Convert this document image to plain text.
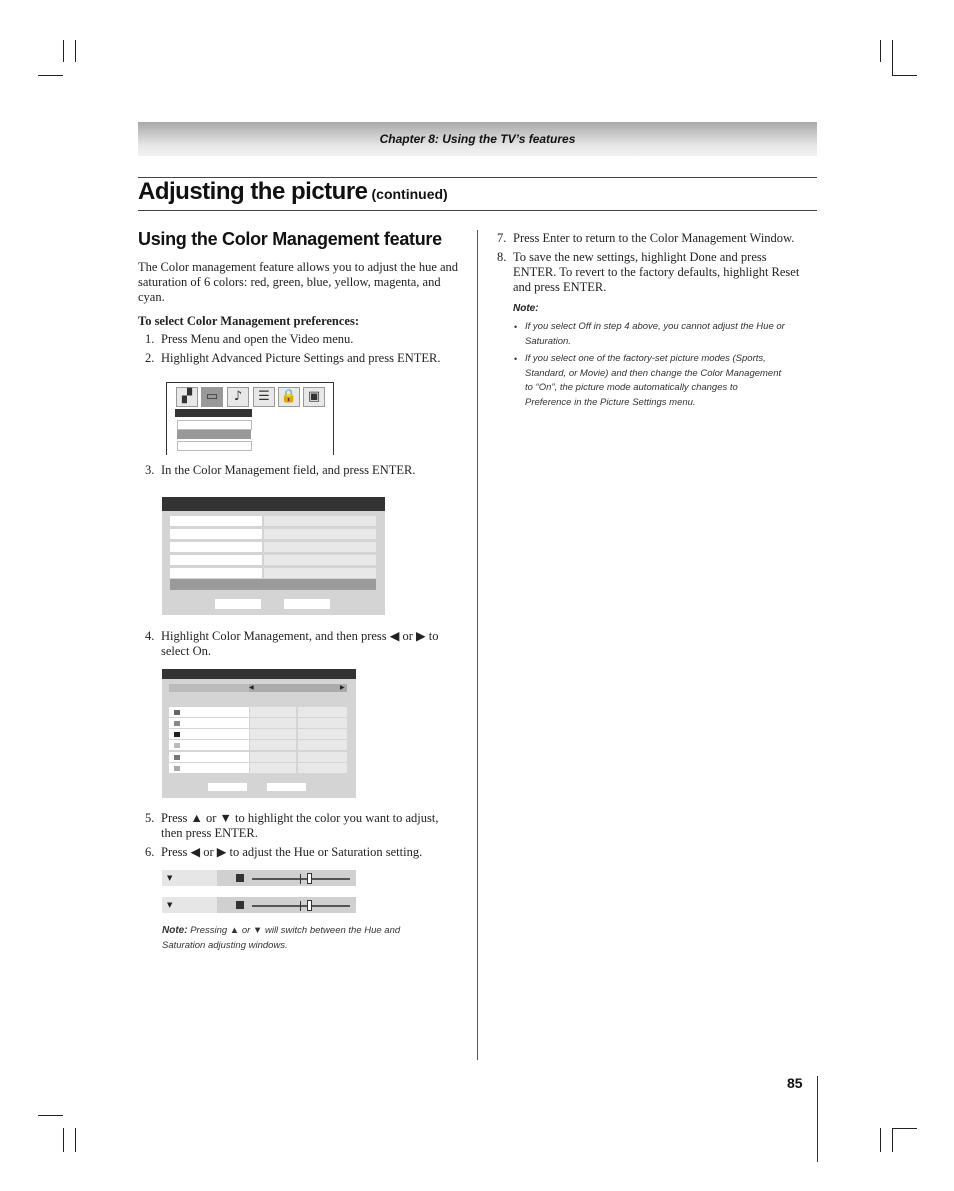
Chapter 8: Using the TV’s features
Adjusting the picture (continued)
Using the Color Management feature
The Color management feature allows you to adjust the hue and
saturation of 6 colors: red, green, blue, yellow, magenta, and
cyan.
To select Color Management preferences:
1. Press Menu and open the Video menu.
2. Highlight Advanced Picture Settings and press ENTER.
▞	▭	♪	☰ 🔒 ▣
3. In the Color Management field, and press ENTER.
4. Highlight Color Management, and then press ◀ or ▶ to
select On.
◀	▶
5. Press ▲ or ▼ to highlight the color you want to adjust,
then press ENTER.
6. Press ◀ or ▶ to adjust the Hue or Saturation setting.
▼
▼
Note: Pressing ▲ or ▼ will switch between the Hue and
Saturation adjusting windows.
7. Press Enter to return to the Color Management Window.
8. To save the new settings, highlight Done and press
ENTER. To revert to the factory defaults, highlight Reset
and press ENTER.
Note:
• If you select Off in step 4 above, you cannot adjust the Hue or
Saturation.
• If you select one of the factory-set picture modes (Sports,
Standard, or Movie) and then change the Color Management
to “On”, the picture mode automatically changes to
Preference in the Picture Settings menu.
85
